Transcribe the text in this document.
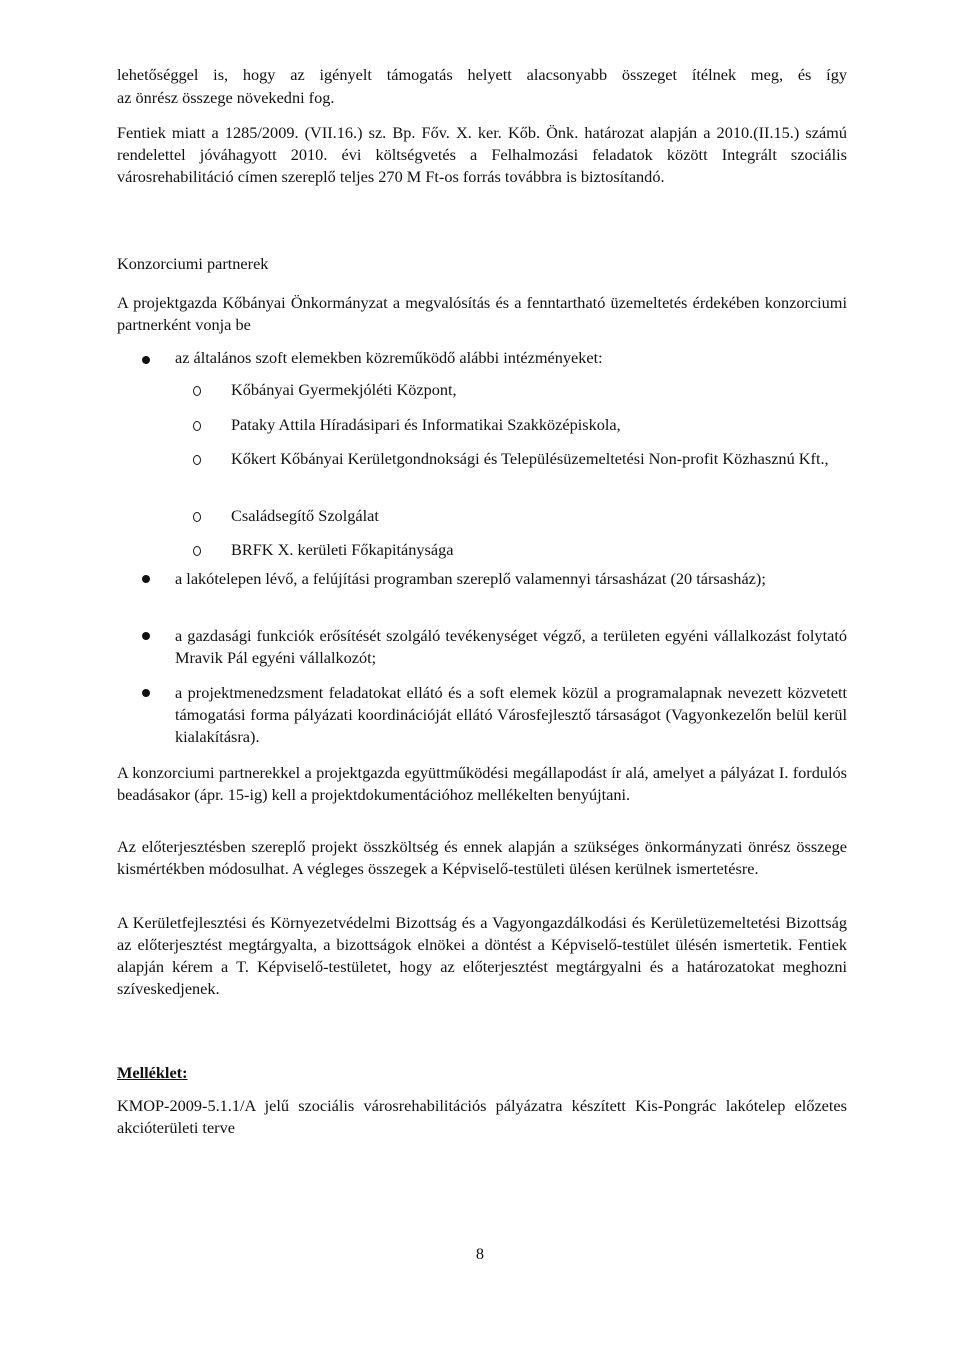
lehetőséggel is, hogy az igényelt támogatás helyett alacsonyabb összeget ítélnek meg, és így

az önrész összege növekedni fog.

Fentiek miatt a 1285/2009. (VII.16.) sz. Bp. Főv. X. ker. Kőb. Önk. határozat alapján a 2010.(II.15.) számú rendelettel jóváhagyott 2010. évi költségvetés a Felhalmozási feladatok között Integrált szociális városrehabilitáció címen szereplő teljes 270 M Ft-os forrás továbbra is biztosítandó.

Konzorciumi partnerek

A projektgazda Kőbányai Önkormányzat a megvalósítás és a fenntartható üzemeltetés érdekében konzorciumi partnerként vonja be

az általános szoft elemekben közreműködő alábbi intézményeket:

Kőbányai Gyermekjóléti Központ,

Pataky Attila Híradásipari és Informatikai Szakközépiskola,

Kőkert Kőbányai Kerületgondnoksági és Településüzemeltetési Non-profit Közhasznú Kft.,

Családsegítő Szolgálat

BRFK X. kerületi Főkapitánysága

a lakótelepen lévő, a felújítási programban szereplő valamennyi társasházat (20 társasház);

a gazdasági funkciók erősítését szolgáló tevékenységet végző, a területen egyéni vállalkozást folytató Mravik Pál egyéni vállalkozót;

a projektmenedzsment feladatokat ellátó és a soft elemek közül a programalapnak nevezett közvetett támogatási forma pályázati koordinációját ellátó Városfejlesztő társaságot (Vagyonkezelőn belül kerül kialakításra).

A konzorciumi partnerekkel a projektgazda együttműködési megállapodást ír alá, amelyet a pályázat I. fordulós beadásakor (ápr. 15-ig) kell a projektdokumentációhoz mellékelten benyújtani.

Az előterjesztésben szereplő projekt összköltség és ennek alapján a szükséges önkormányzati önrész összege kismértékben módosulhat. A végleges összegek a Képviselő-testületi ülésen kerülnek ismertetésre.

A Kerületfejlesztési és Környezetvédelmi Bizottság és a Vagyongazdálkodási és Kerületüzemeltetési Bizottság az előterjesztést megtárgyalta, a bizottságok elnökei a döntést a Képviselő-testület ülésén ismertetik. Fentiek alapján kérem a T. Képviselő-testületet, hogy az előterjesztést megtárgyalni és a határozatokat meghozni szíveskedjenek.

Melléklet:

KMOP-2009-5.1.1/A jelű szociális városrehabilitációs pályázatra készített Kis-Pongrác lakótelep előzetes akcióterületi terve

8
